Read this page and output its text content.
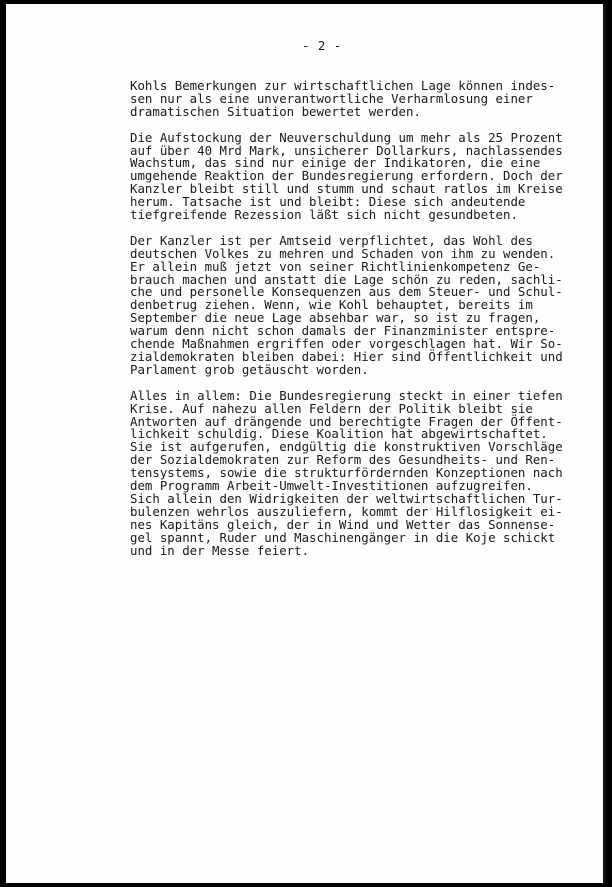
- 2 -
Kohls Bemerkungen zur wirtschaftlichen Lage können indes-
sen nur als eine unverantwortliche Verharmlosung einer
dramatischen Situation bewertet werden.
Die Aufstockung der Neuverschuldung um mehr als 25 Prozent
auf über 40 Mrd Mark, unsicherer Dollarkurs, nachlassendes
Wachstum, das sind nur einige der Indikatoren, die eine
umgehende Reaktion der Bundesregierung erfordern. Doch der
Kanzler bleibt still und stumm und schaut ratlos im Kreise
herum. Tatsache ist und bleibt: Diese sich andeutende
tiefgreifende Rezession läßt sich nicht gesundbeten.
Der Kanzler ist per Amtseid verpflichtet, das Wohl des
deutschen Volkes zu mehren und Schaden von ihm zu wenden.
Er allein muß jetzt von seiner Richtlinienkompetenz Ge-
brauch machen und anstatt die Lage schön zu reden, sachli-
che und personelle Konsequenzen aus dem Steuer- und Schul-
denbetrug ziehen. Wenn, wie Kohl behauptet, bereits im
September die neue Lage absehbar war, so ist zu fragen,
warum denn nicht schon damals der Finanzminister entspre-
chende Maßnahmen ergriffen oder vorgeschlagen hat. Wir So-
zialdemokraten bleiben dabei: Hier sind Öffentlichkeit und
Parlament grob getäuscht worden.
Alles in allem: Die Bundesregierung steckt in einer tiefen
Krise. Auf nahezu allen Feldern der Politik bleibt sie
Antworten auf drängende und berechtigte Fragen der Öffent-
lichkeit schuldig. Diese Koalition hat abgewirtschaftet.
Sie ist aufgerufen, endgültig die konstruktiven Vorschläge
der Sozialdemokraten zur Reform des Gesundheits- und Ren-
tensystems, sowie die strukturfördernden Konzeptionen nach
dem Programm Arbeit-Umwelt-Investitionen aufzugreifen.
Sich allein den Widrigkeiten der weltwirtschaftlichen Tur-
bulenzen wehrlos auszuliefern, kommt der Hilflosigkeit ei-
nes Kapitäns gleich, der in Wind und Wetter das Sonnense-
gel spannt, Ruder und Maschinengänger in die Koje schickt
und in der Messe feiert.
